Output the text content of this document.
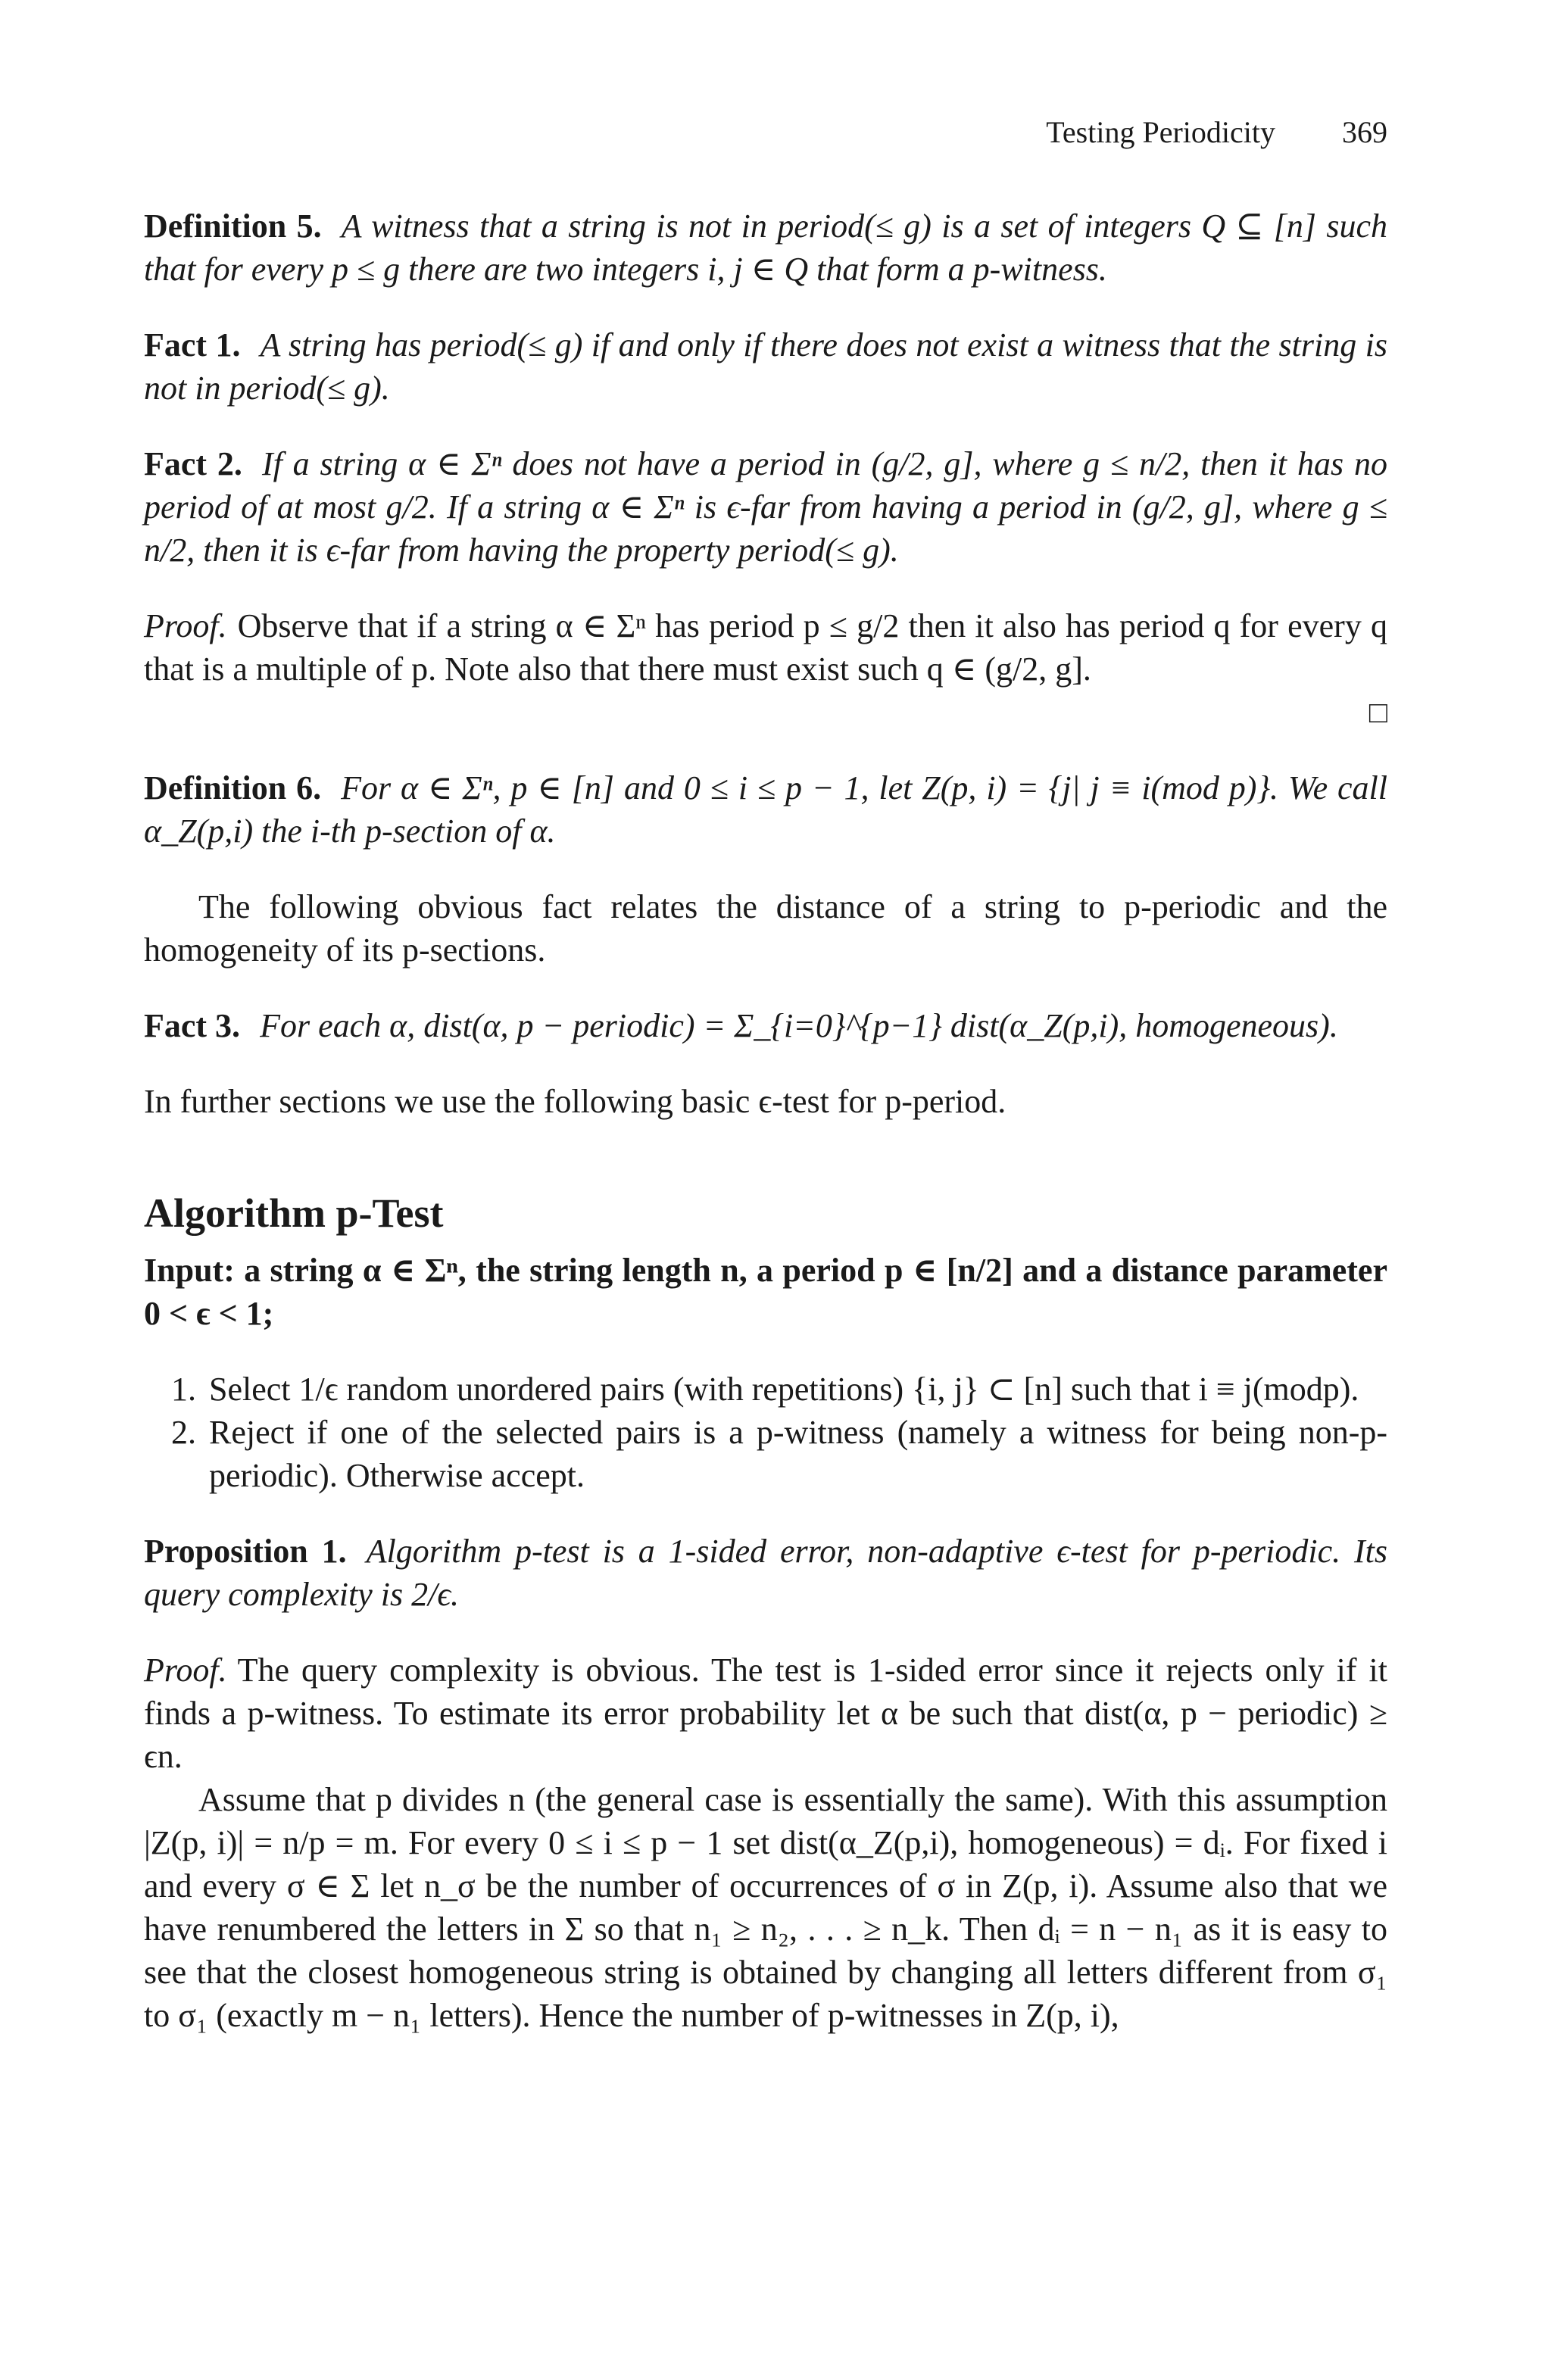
Testing Periodicity 369

Definition 5. A witness that a string is not in period(≤ g) is a set of integers Q ⊆ [n] such that for every p ≤ g there are two integers i, j ∈ Q that form a p-witness.

Fact 1. A string has period(≤ g) if and only if there does not exist a witness that the string is not in period(≤ g).

Fact 2. If a string α ∈ Σⁿ does not have a period in (g/2, g], where g ≤ n/2, then it has no period of at most g/2. If a string α ∈ Σⁿ is ϵ-far from having a period in (g/2, g], where g ≤ n/2, then it is ϵ-far from having the property period(≤ g).

Proof. Observe that if a string α ∈ Σⁿ has period p ≤ g/2 then it also has period q for every q that is a multiple of p. Note also that there must exist such q ∈ (g/2, g].

□

Definition 6. For α ∈ Σⁿ, p ∈ [n] and 0 ≤ i ≤ p − 1, let Z(p, i) = {j| j ≡ i(mod p)}. We call α_Z(p,i) the i-th p-section of α.

The following obvious fact relates the distance of a string to p-periodic and the homogeneity of its p-sections.

Fact 3. For each α, dist(α, p − periodic) = Σ_{i=0}^{p−1} dist(α_Z(p,i), homogeneous).

In further sections we use the following basic ϵ-test for p-period.

Algorithm p-Test

Input: a string α ∈ Σⁿ, the string length n, a period p ∈ [n/2] and a distance parameter 0 < ϵ < 1;

1. Select 1/ϵ random unordered pairs (with repetitions) {i, j} ⊂ [n] such that i ≡ j(modp).
2. Reject if one of the selected pairs is a p-witness (namely a witness for being non-p-periodic). Otherwise accept.

Proposition 1. Algorithm p-test is a 1-sided error, non-adaptive ϵ-test for p-periodic. Its query complexity is 2/ϵ.

Proof. The query complexity is obvious. The test is 1-sided error since it rejects only if it finds a p-witness. To estimate its error probability let α be such that dist(α, p − periodic) ≥ ϵn.

Assume that p divides n (the general case is essentially the same). With this assumption |Z(p, i)| = n/p = m. For every 0 ≤ i ≤ p − 1 set dist(α_Z(p,i), homogeneous) = dᵢ. For fixed i and every σ ∈ Σ let n_σ be the number of occurrences of σ in Z(p, i). Assume also that we have renumbered the letters in Σ so that n₁ ≥ n₂, . . . ≥ n_k. Then dᵢ = n − n₁ as it is easy to see that the closest homogeneous string is obtained by changing all letters different from σ₁ to σ₁ (exactly m − n₁ letters). Hence the number of p-witnesses in Z(p, i),
